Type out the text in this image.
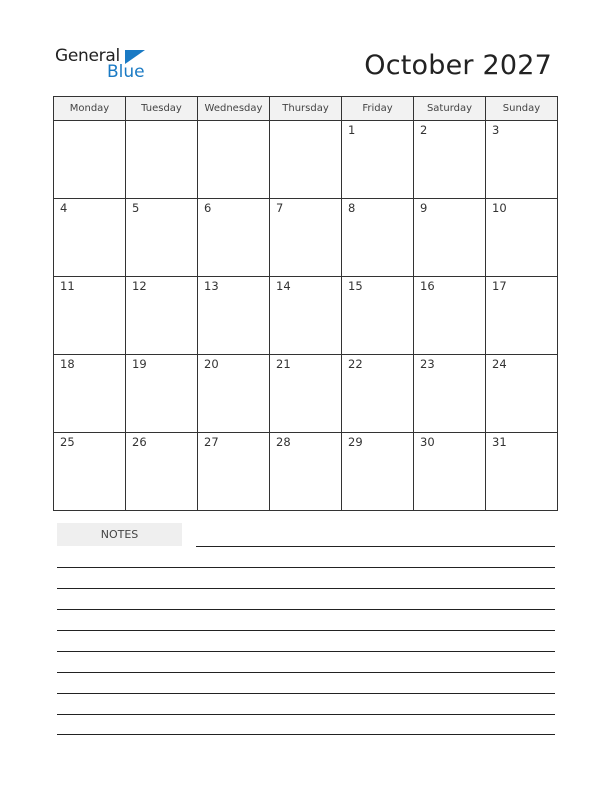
General
Blue	October 2027
Monday	Tuesday	Wednesday	Thursday	Friday	Saturday	Sunday
				1	2	3
4	5	6	7	8	9	10
11	12	13	14	15	16	17
18	19	20	21	22	23	24
25	26	27	28	29	30	31
NOTES
